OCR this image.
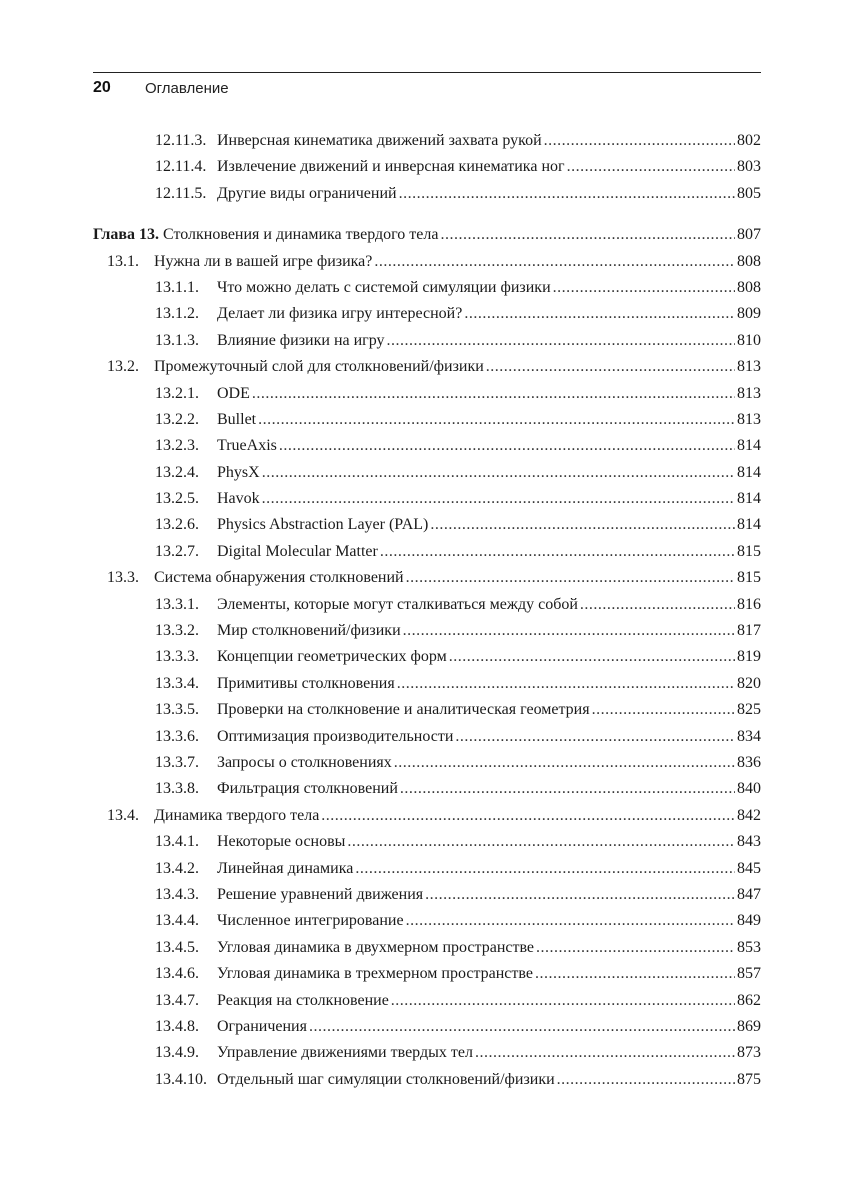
20 Оглавление
12.11.3. Инверсная кинематика движений захвата рукой .....	802
12.11.4. Извлечение движений и инверсная кинематика ног .....	803
12.11.5. Другие виды ограничений .....	805
Глава 13. Столкновения и динамика твердого тела .....	807
13.1. Нужна ли в вашей игре физика? .....	808
13.1.1.	Что можно делать с системой симуляции физики .....	808
13.1.2.	Делает ли физика игру интересной? .....	809
13.1.3.	Влияние физики на игру .....	810
13.2. Промежуточный слой для столкновений/физики .....	813
13.2.1.	ODE .....	813
13.2.2.	Bullet .....	813
13.2.3.	TrueAxis .....	814
13.2.4.	PhysX .....	814
13.2.5.	Havok .....	814
13.2.6.	Physics Abstraction Layer (PAL) .....	814
13.2.7.	Digital Molecular Matter .....	815
13.3. Система обнаружения столкновений .....	815
13.3.1.	Элементы, которые могут сталкиваться между собой .....	816
13.3.2.	Мир столкновений/физики .....	817
13.3.3.	Концепции геометрических форм .....	819
13.3.4.	Примитивы столкновения .....	820
13.3.5.	Проверки на столкновение и аналитическая геометрия .....	825
13.3.6.	Оптимизация производительности .....	834
13.3.7.	Запросы о столкновениях .....	836
13.3.8.	Фильтрация столкновений .....	840
13.4. Динамика твердого тела .....	842
13.4.1.	Некоторые основы .....	843
13.4.2.	Линейная динамика .....	845
13.4.3.	Решение уравнений движения .....	847
13.4.4.	Численное интегрирование .....	849
13.4.5.	Угловая динамика в двухмерном пространстве .....	853
13.4.6.	Угловая динамика в трехмерном пространстве .....	857
13.4.7.	Реакция на столкновение .....	862
13.4.8.	Ограничения .....	869
13.4.9.	Управление движениями твердых тел .....	873
13.4.10. Отдельный шаг симуляции столкновений/физики .....	875
